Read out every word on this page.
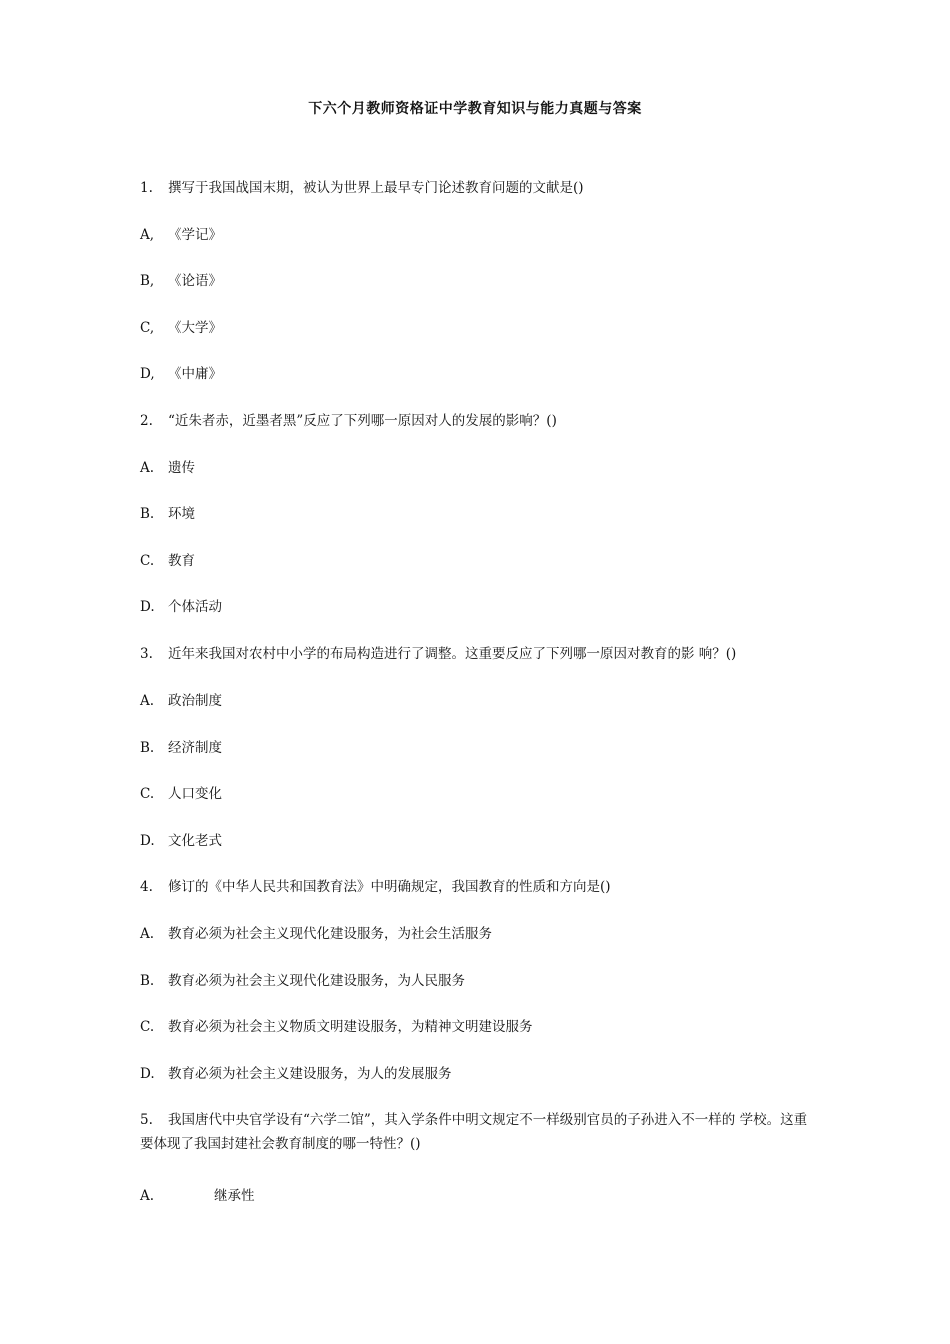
下六个月教师资格证中学教育知识与能力真题与答案
1. 撰写于我国战国末期，被认为世界上最早专门论述教育问题的文献是()
A, 《学记》
B, 《论语》
C, 《大学》
D, 《中庸》
2. “近朱者赤，近墨者黑”反应了下列哪一原因对人的发展的影响？()
A. 遗传
B. 环境
C. 教育
D. 个体活动
3. 近年来我国对农村中小学的布局构造进行了调整。这重要反应了下列哪一原因对教育的影 响？()
A. 政治制度
B. 经济制度
C. 人口变化
D. 文化老式
4. 修订的《中华人民共和国教育法》中明确规定，我国教育的性质和方向是()
A. 教育必须为社会主义现代化建设服务，为社会生活服务
B. 教育必须为社会主义现代化建设服务，为人民服务
C. 教育必须为社会主义物质文明建设服务，为精神文明建设服务
D. 教育必须为社会主义建设服务，为人的发展服务
5. 我国唐代中央官学设有“六学二馆”，其入学条件中明文规定不一样级别官员的子孙进入不一样的 学校。这重要体现了我国封建社会教育制度的哪一特性？()
A.	继承性
